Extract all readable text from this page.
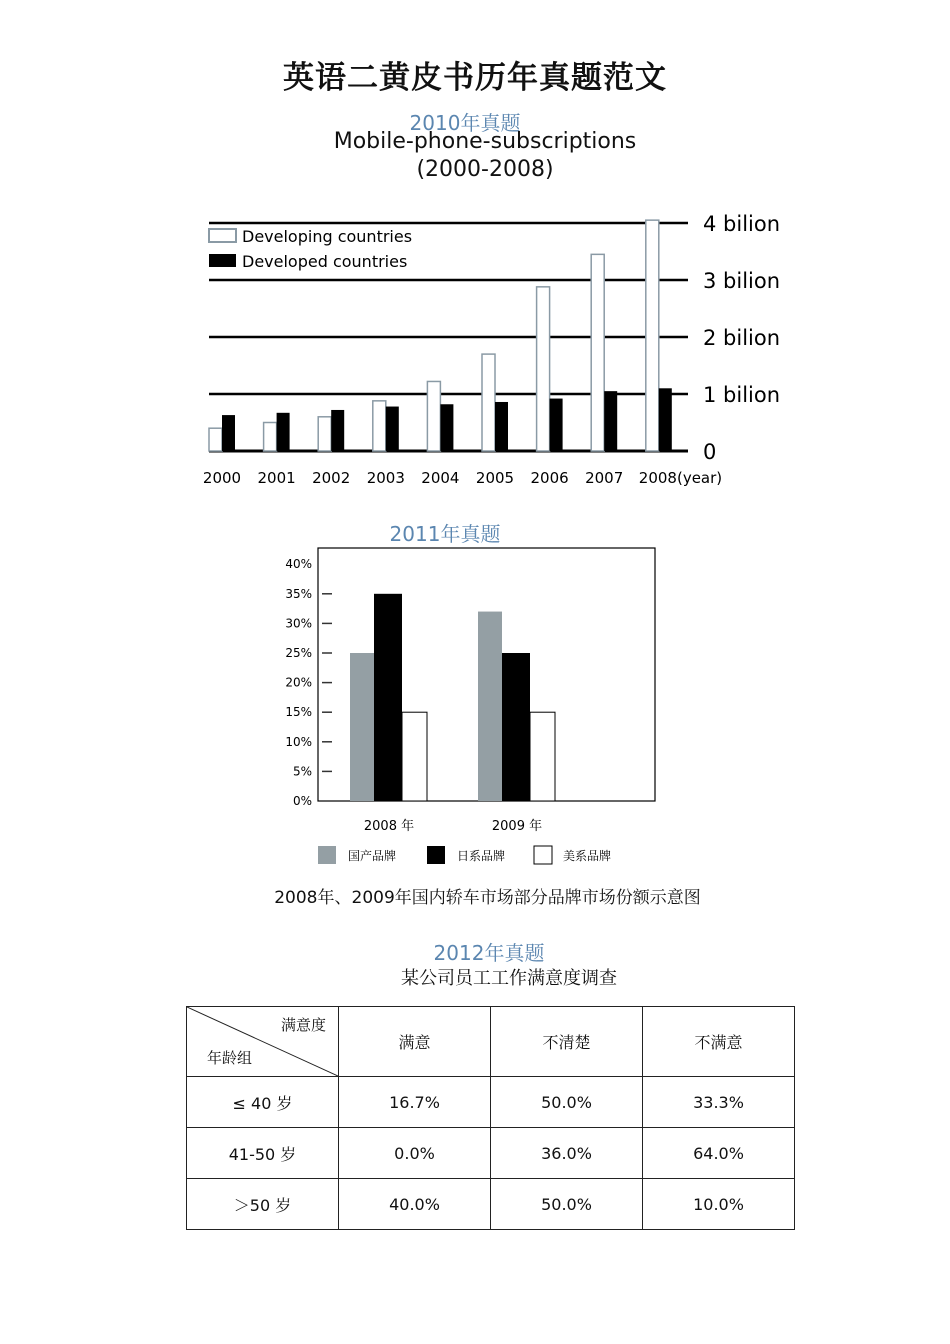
英语二黄皮书历年真题范文
2010年真题
Mobile-phone-subscriptions
(2000-2008)
Developing countries
Developed countries
0
1 bilion
2 bilion
3 bilion
4 bilion
2000 2001 2002 2003 2004 2005 2006 2007 2008(year)
2011年真题
0%
5%
10%
15%
20%
25%
30%
35%
40%
2008 年	2009 年
国产品牌	日系品牌	美系品牌
2008年、2009年国内轿车市场部分品牌市场份额示意图
2012年真题
某公司员工工作满意度调查
满意度
年龄组	满意	不清楚	不满意
≤ 40 岁	16.7%	50.0%	33.3%
41-50 岁	0.0%	36.0%	64.0%
＞50 岁	40.0%	50.0%	10.0%
